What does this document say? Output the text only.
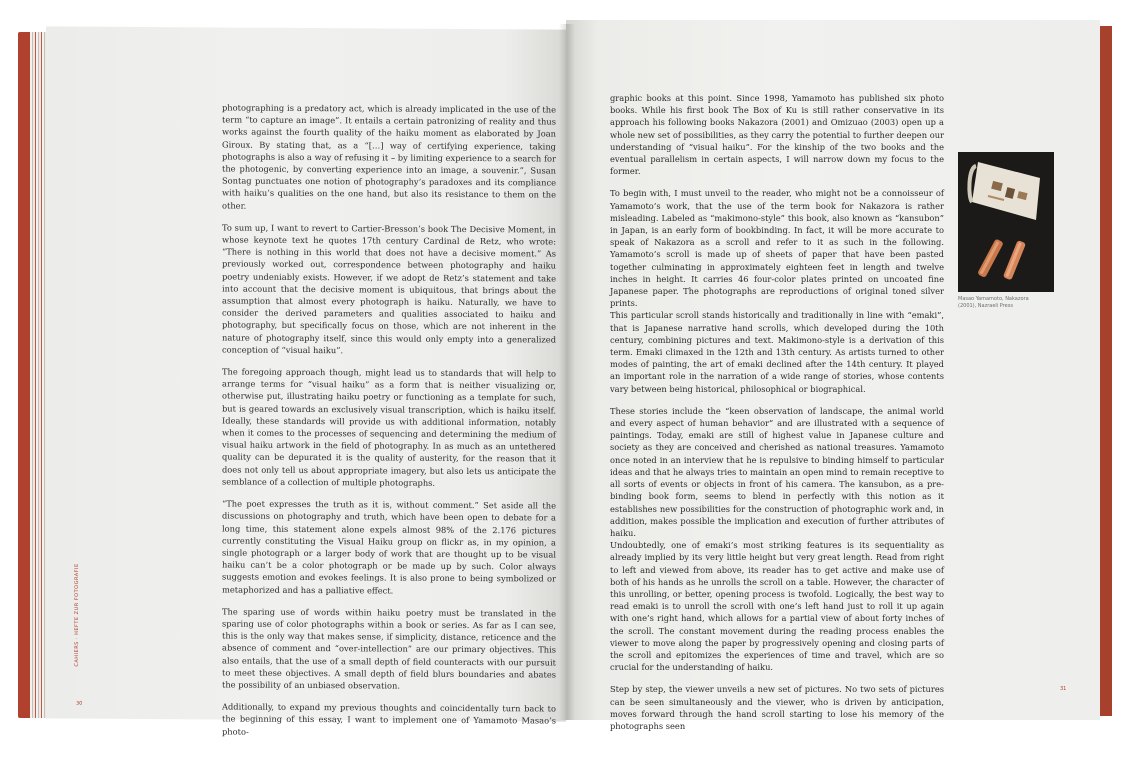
photographing is a predatory act, which is already implicated in the use of the term “to capture an image”. It entails a certain patronizing of reality and thus works against the fourth quality of the haiku moment as elaborated by Joan Giroux. By stating that, as a “[…] way of certifying experience, taking photographs is also a way of refusing it – by limiting experience to a search for the photogenic, by converting experience into an image, a souvenir.”, Susan Sontag punctuates one notion of photography’s paradoxes and its compliance with haiku’s qualities on the one hand, but also its resistance to them on the other.

To sum up, I want to revert to Cartier-Bresson’s book The Decisive Moment, in whose keynote text he quotes 17th century Cardinal de Retz, who wrote: “There is nothing in this world that does not have a decisive moment.” As previously worked out, correspondence between photography and haiku poetry undeniably exists. However, if we adopt de Retz’s statement and take into account that the decisive moment is ubiquitous, that brings about the assumption that almost every photograph is haiku. Naturally, we have to consider the derived parameters and qualities associated to haiku and photography, but specifically focus on those, which are not inherent in the nature of photography itself, since this would only empty into a generalized conception of “visual haiku”.

The foregoing approach though, might lead us to standards that will help to arrange terms for “visual haiku” as a form that is neither visualizing or, otherwise put, illustrating haiku poetry or functioning as a template for such, but is geared towards an exclusively visual transcription, which is haiku itself. Ideally, these standards will provide us with additional information, notably when it comes to the processes of sequencing and determining the medium of visual haiku artwork in the field of photography. In as much as an untethered quality can be depurated it is the quality of austerity, for the reason that it does not only tell us about appropriate imagery, but also lets us anticipate the semblance of a collection of multiple photographs.

“The poet expresses the truth as it is, without comment.” Set aside all the discussions on photography and truth, which have been open to debate for a long time, this statement alone expels almost 98% of the 2.176 pictures currently constituting the Visual Haiku group on flickr as, in my opinion, a single photograph or a larger body of work that are thought up to be visual haiku can’t be a color photograph or be made up by such. Color always suggests emotion and evokes feelings. It is also prone to being symbolized or metaphorized and has a palliative effect.

The sparing use of words within haiku poetry must be translated in the sparing use of color photographs within a book or series. As far as I can see, this is the only way that makes sense, if simplicity, distance, reticence and the absence of comment and “over-intellection” are our primary objectives. This also entails, that the use of a small depth of field counteracts with our pursuit to meet these objectives. A small depth of field blurs boundaries and abates the possibility of an unbiased observation.

Additionally, to expand my previous thoughts and coincidentally turn back to the beginning of this essay, I want to implement one of Yamamoto Masao’s photo-

CAHIERS · HEFTE ZUR FOTOGRAFIE
30

graphic books at this point. Since 1998, Yamamoto has published six photo books. While his first book The Box of Ku is still rather conservative in its approach his following books Nakazora (2001) and Omizuao (2003) open up a whole new set of possibilities, as they carry the potential to further deepen our understanding of “visual haiku”. For the kinship of the two books and the eventual parallelism in certain aspects, I will narrow down my focus to the former.

To begin with, I must unveil to the reader, who might not be a connoisseur of Yamamoto’s work, that the use of the term book for Nakazora is rather misleading. Labeled as “makimono-style” this book, also known as “kansubon” in Japan, is an early form of bookbinding. In fact, it will be more accurate to speak of Nakazora as a scroll and refer to it as such in the following. Yamamoto’s scroll is made up of sheets of paper that have been pasted together culminating in approximately eighteen feet in length and twelve inches in height. It carries 46 four-color plates printed on uncoated fine Japanese paper. The photographs are reproductions of original toned silver prints.

This particular scroll stands historically and traditionally in line with “emaki”, that is Japanese narrative hand scrolls, which developed during the 10th century, combining pictures and text. Makimono-style is a derivation of this term. Emaki climaxed in the 12th and 13th century. As artists turned to other modes of painting, the art of emaki declined after the 14th century. It played an important role in the narration of a wide range of stories, whose contents vary between being historical, philosophical or biographical.

These stories include the “keen observation of landscape, the animal world and every aspect of human behavior” and are illustrated with a sequence of paintings. Today, emaki are still of highest value in Japanese culture and society as they are conceived and cherished as national treasures. Yamamoto once noted in an interview that he is repulsive to binding himself to particular ideas and that he always tries to maintain an open mind to remain receptive to all sorts of events or objects in front of his camera. The kansubon, as a pre-binding book form, seems to blend in perfectly with this notion as it establishes new possibilities for the construction of photographic work and, in addition, makes possible the implication and execution of further attributes of haiku.

Undoubtedly, one of emaki’s most striking features is its sequentiality as already implied by its very little height but very great length. Read from right to left and viewed from above, its reader has to get active and make use of both of his hands as he unrolls the scroll on a table. However, the character of this unrolling, or better, opening process is twofold. Logically, the best way to read emaki is to unroll the scroll with one’s left hand just to roll it up again with one’s right hand, which allows for a partial view of about forty inches of the scroll. The constant movement during the reading process enables the viewer to move along the paper by progressively opening and closing parts of the scroll and epitomizes the experiences of time and travel, which are so crucial for the understanding of haiku.

Step by step, the viewer unveils a new set of pictures. No two sets of pictures can be seen simultaneously and the viewer, who is driven by anticipation, moves forward through the hand scroll starting to lose his memory of the photographs seen

Masao Yamamoto, Nakazora
(2001), Nazraeli Press
31
